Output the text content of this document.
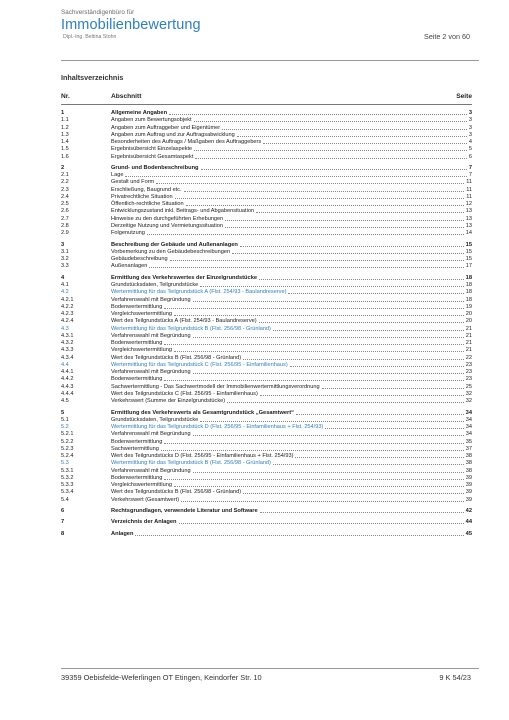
Sachverständigenbüro für
Immobilienbewertung
Dipl.-Ing. Bettina Stohn	Seite 2 von 60
Inhaltsverzeichnis
Nr.	Abschnitt	Seite
1	Allgemeine Angaben	3
1.1	Angaben zum Bewertungsobjekt	3
1.2	Angaben zum Auftraggeber und Eigentümer	3
1.3	Angaben zum Auftrag und zur Auftragsabwicklung	3
1.4	Besonderheiten des Auftrags / Maßgaben des Auftraggebers	4
1.5	Ergebnisübersicht Einzelaspekte	5
1.6	Ergebnisübersicht Gesamtaspekt	6
2	Grund- und Bodenbeschreibung	7
2.1	Lage	7
2.2	Gestalt und Form	11
2.3	Erschließung, Baugrund etc.	11
2.4	Privatrechtliche Situation	11
2.5	Öffentlich-rechtliche Situation	12
2.6	Entwicklungszustand inkl. Beitrags- und Abgabensituation	13
2.7	Hinweise zu den durchgeführten Erhebungen	13
2.8	Derzeitige Nutzung und Vermietungssituation	13
2.9	Folgenutzung	14
3	Beschreibung der Gebäude und Außenanlagen	15
3.1	Vorbemerkung zu den Gebäudebeschreibungen	15
3.2	Gebäudebeschreibung	15
3.3	Außenanlagen	17
4	Ermittlung des Verkehrswertes der Einzelgrundstücke	18
4.1	Grundstücksdaten, Teilgrundstücke	18
4.2	Wertermittlung für das Teilgrundstück A (Flst. 254/93 - Baulandreserve)	18
4.2.1	Verfahrenswahl mit Begründung	18
4.2.2	Bodenwertermittlung	19
4.2.3	Vergleichswertermittlung	20
4.2.4	Wert des Teilgrundstücks A (Flst. 254/93 - Baulandreserve)	20
4.3	Wertermittlung für das Teilgrundstück B (Flst. 256/98 - Grünland)	21
4.3.1	Verfahrenswahl mit Begründung	21
4.3.2	Bodenwertermittlung	21
4.3.3	Vergleichswertermittlung	21
4.3.4	Wert des Teilgrundstücks B (Flst. 256/98 - Grünland)	22
4.4	Wertermittlung für das Teilgrundstück C (Flst. 256/95 - Einfamilienhaus)	23
4.4.1	Verfahrenswahl mit Begründung	23
4.4.2	Bodenwertermittlung	23
4.4.3	Sachwertermittlung - Das Sachwertmodell der Immobilienwertermittlungsverordnung	25
4.4.4	Wert des Teilgrundstücks C (Flst. 256/95 - Einfamilienhaus)	32
4.5	Verkehrswert (Summe der Einzelgrundstücke)	32
5	Ermittlung des Verkehrswerts als Gesamtgrundstück „Gesamtwert“	34
5.1	Grundstücksdaten, Teilgrundstücke	34
5.2	Wertermittlung für das Teilgrundstück D (Flst. 256/95 - Einfamilienhaus + Flst. 254/93)	34
5.2.1	Verfahrenswahl mit Begründung	34
5.2.2	Bodenwertermittlung	35
5.2.3	Sachwertermittlung	37
5.2.4	Wert des Teilgrundstücks D (Flst. 256/95 - Einfamilienhaus + Flst. 254/93)	38
5.3	Wertermittlung für das Teilgrundstück B (Flst. 256/98 - Grünland)	38
5.3.1	Verfahrenswahl mit Begründung	38
5.3.2	Bodenwertermittlung	39
5.3.3	Vergleichswertermittlung	39
5.3.4	Wert des Teilgrundstücks B (Flst. 256/98 - Grünland)	39
5.4	Verkehrswert (Gesamtwert)	39
6	Rechtsgrundlagen, verwendete Literatur und Software	42
7	Verzeichnis der Anlagen	44
8	Anlagen	45
39359 Oebisfelde-Weferlingen OT Etingen, Keindorfer Str. 10	9 K 54/23
